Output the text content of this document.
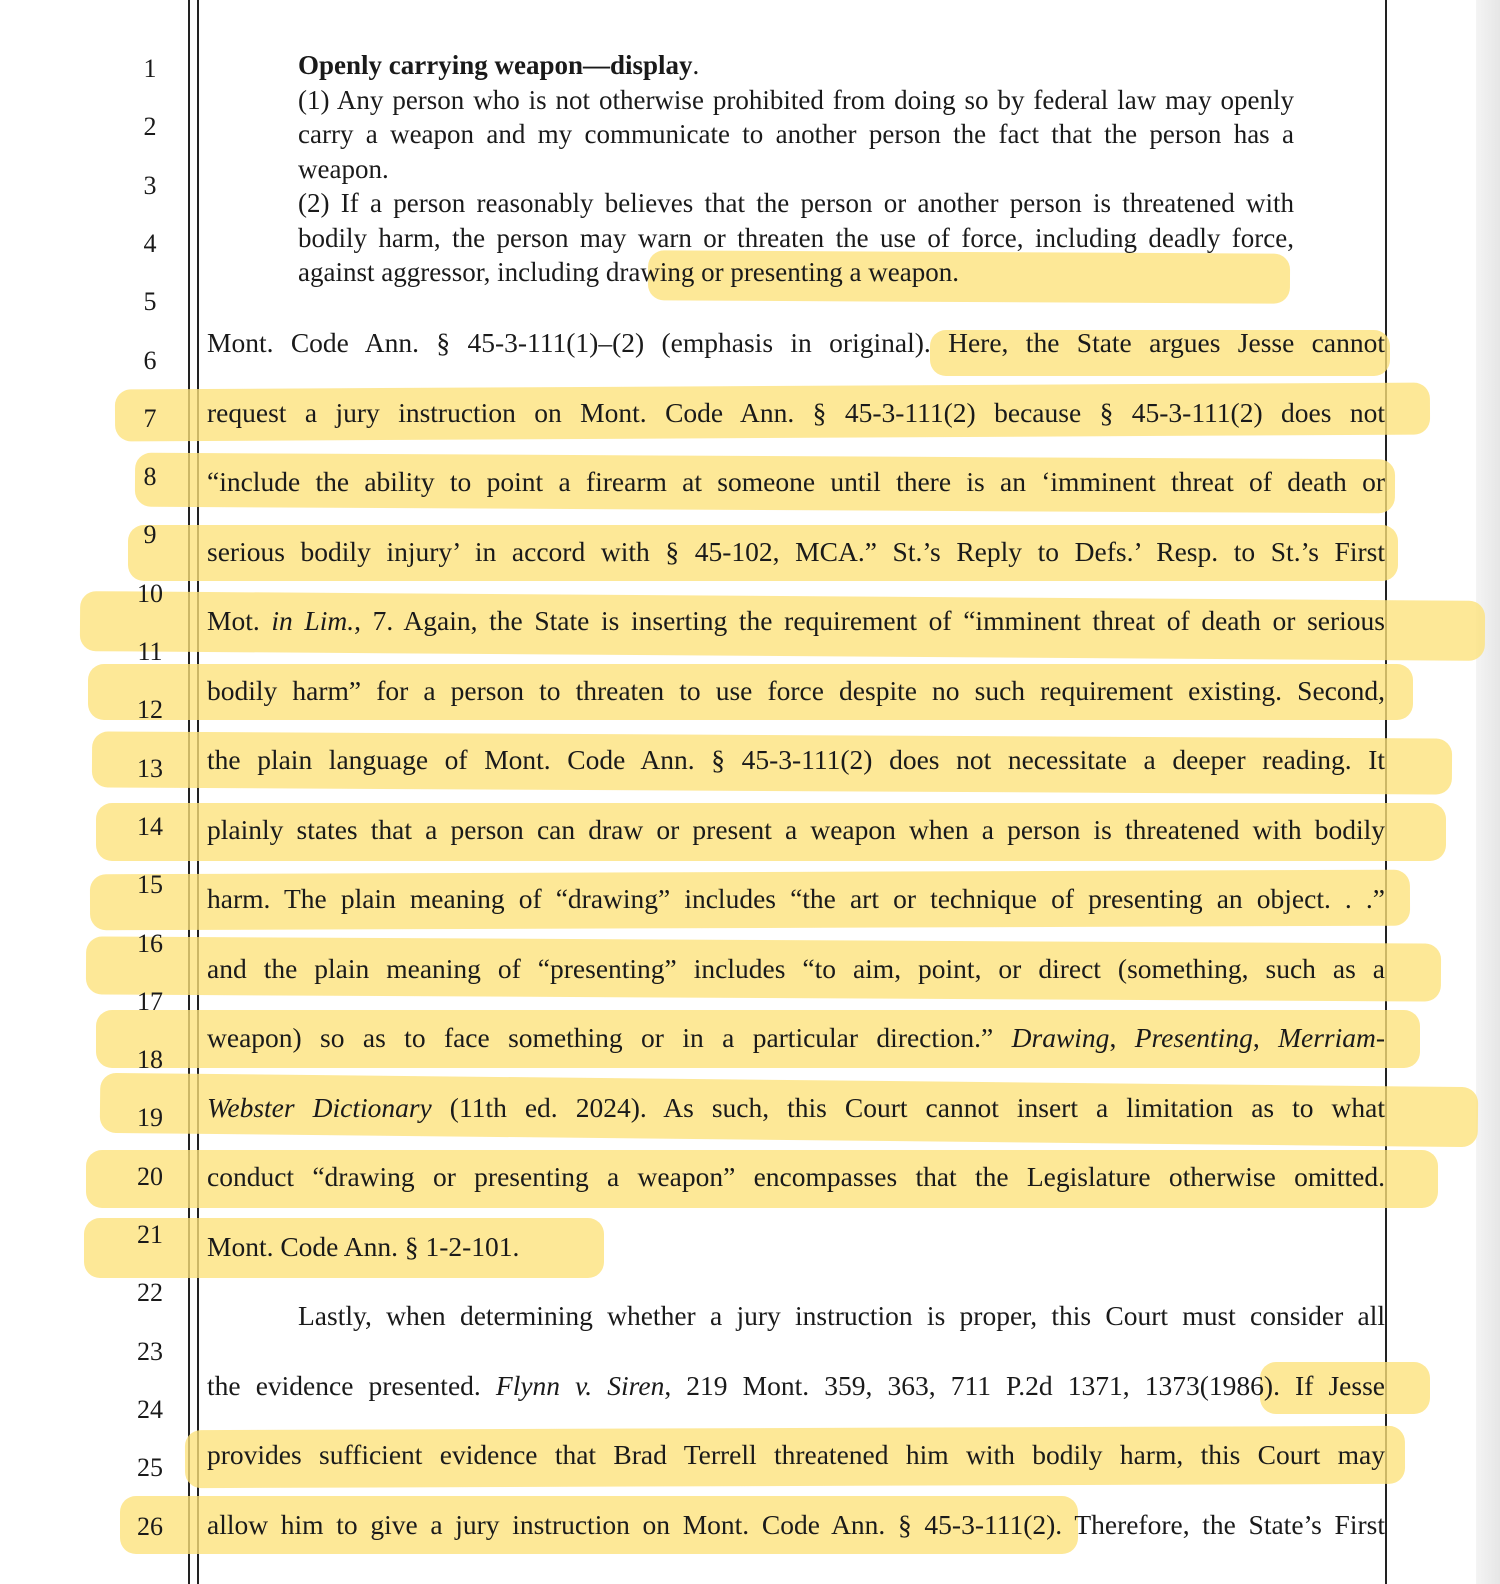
1
2
3
4
5
6
7
8
9
10
11
12
13
14
15
16
17
18
19
20
21
22
23
24
25
26

Openly carrying weapon—display.

(1) Any person who is not otherwise prohibited from doing so by federal law may openly carry a weapon and my communicate to another person the fact that the person has a weapon.

(2) If a person reasonably believes that the person or another person is threatened with bodily harm, the person may warn or threaten the use of force, including deadly force, against aggressor, including drawing or presenting a weapon.

Mont. Code Ann. § 45-3-111(1)–(2) (emphasis in original). Here, the State argues Jesse cannot
request a jury instruction on Mont. Code Ann. § 45-3-111(2) because § 45-3-111(2) does not
“include the ability to point a firearm at someone until there is an ‘imminent threat of death or
serious bodily injury’ in accord with § 45-102, MCA.” St.’s Reply to Defs.’ Resp. to St.’s First
Mot. in Lim., 7. Again, the State is inserting the requirement of “imminent threat of death or serious
bodily harm” for a person to threaten to use force despite no such requirement existing. Second,
the plain language of Mont. Code Ann. § 45-3-111(2) does not necessitate a deeper reading. It
plainly states that a person can draw or present a weapon when a person is threatened with bodily
harm. The plain meaning of “drawing” includes “the art or technique of presenting an object. . .”
and the plain meaning of “presenting” includes “to aim, point, or direct (something, such as a
weapon) so as to face something or in a particular direction.” Drawing, Presenting, Merriam-
Webster Dictionary (11th ed. 2024). As such, this Court cannot insert a limitation as to what
conduct “drawing or presenting a weapon” encompasses that the Legislature otherwise omitted.
Mont. Code Ann. § 1-2-101.
Lastly, when determining whether a jury instruction is proper, this Court must consider all
the evidence presented. Flynn v. Siren, 219 Mont. 359, 363, 711 P.2d 1371, 1373(1986). If Jesse
provides sufficient evidence that Brad Terrell threatened him with bodily harm, this Court may
allow him to give a jury instruction on Mont. Code Ann. § 45-3-111(2). Therefore, the State’s First
